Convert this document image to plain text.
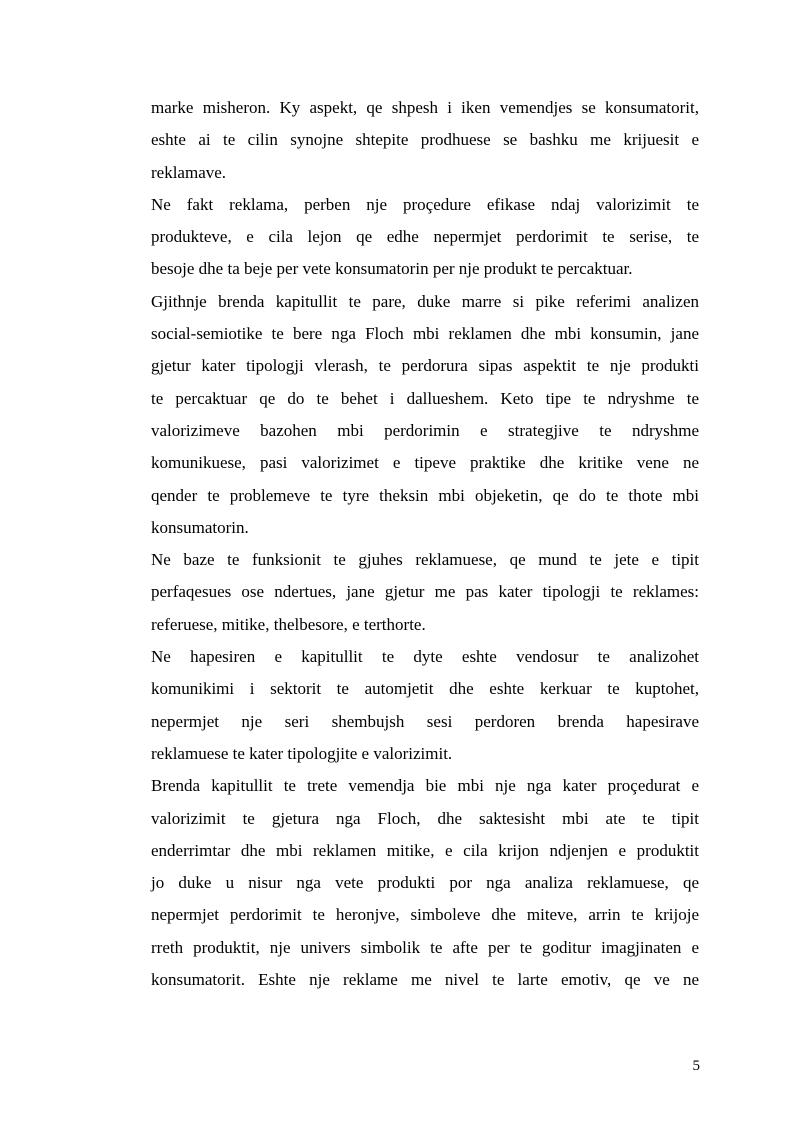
marke misheron. Ky aspekt, qe shpesh i iken vemendjes se konsumatorit,
eshte ai te cilin synojne shtepite prodhuese se bashku me krijuesit e
reklamave.
Ne fakt reklama, perben nje proçedure efikase ndaj valorizimit te
produkteve, e cila lejon qe edhe nepermjet perdorimit te serise, te
besoje dhe ta beje per vete konsumatorin per nje produkt te percaktuar.
Gjithnje brenda kapitullit te pare, duke marre si pike referimi analizen
social-semiotike te bere nga Floch mbi reklamen dhe mbi konsumin, jane
gjetur kater tipologji vlerash, te perdorura sipas aspektit te nje produkti
te percaktuar qe do te behet i dallueshem. Keto tipe te ndryshme te
valorizimeve bazohen mbi perdorimin e strategjive te ndryshme
komunikuese, pasi valorizimet e tipeve praktike dhe kritike vene ne
qender te problemeve te tyre theksin mbi objeketin, qe do te thote mbi
konsumatorin.
Ne baze te funksionit te gjuhes reklamuese, qe mund te jete e tipit
perfaqesues ose ndertues, jane gjetur me pas kater tipologji te reklames:
referuese, mitike, thelbesore, e terthorte.
Ne hapesiren e kapitullit te dyte eshte vendosur te analizohet
komunikimi i sektorit te automjetit dhe eshte kerkuar te kuptohet,
nepermjet nje seri shembujsh sesi perdoren brenda hapesirave
reklamuese te kater tipologjite e valorizimit.
Brenda kapitullit te trete vemendja bie mbi nje nga kater proçedurat e
valorizimit te gjetura nga Floch, dhe saktesisht mbi ate te tipit
enderrimtar dhe mbi reklamen mitike, e cila krijon ndjenjen e produktit
jo duke u nisur nga vete produkti por nga analiza reklamuese, qe
nepermjet perdorimit te heronjve, simboleve dhe miteve, arrin te krijoje
rreth produktit, nje univers simbolik te afte per te goditur imagjinaten e
konsumatorit. Eshte nje reklame me nivel te larte emotiv, qe ve ne
5
